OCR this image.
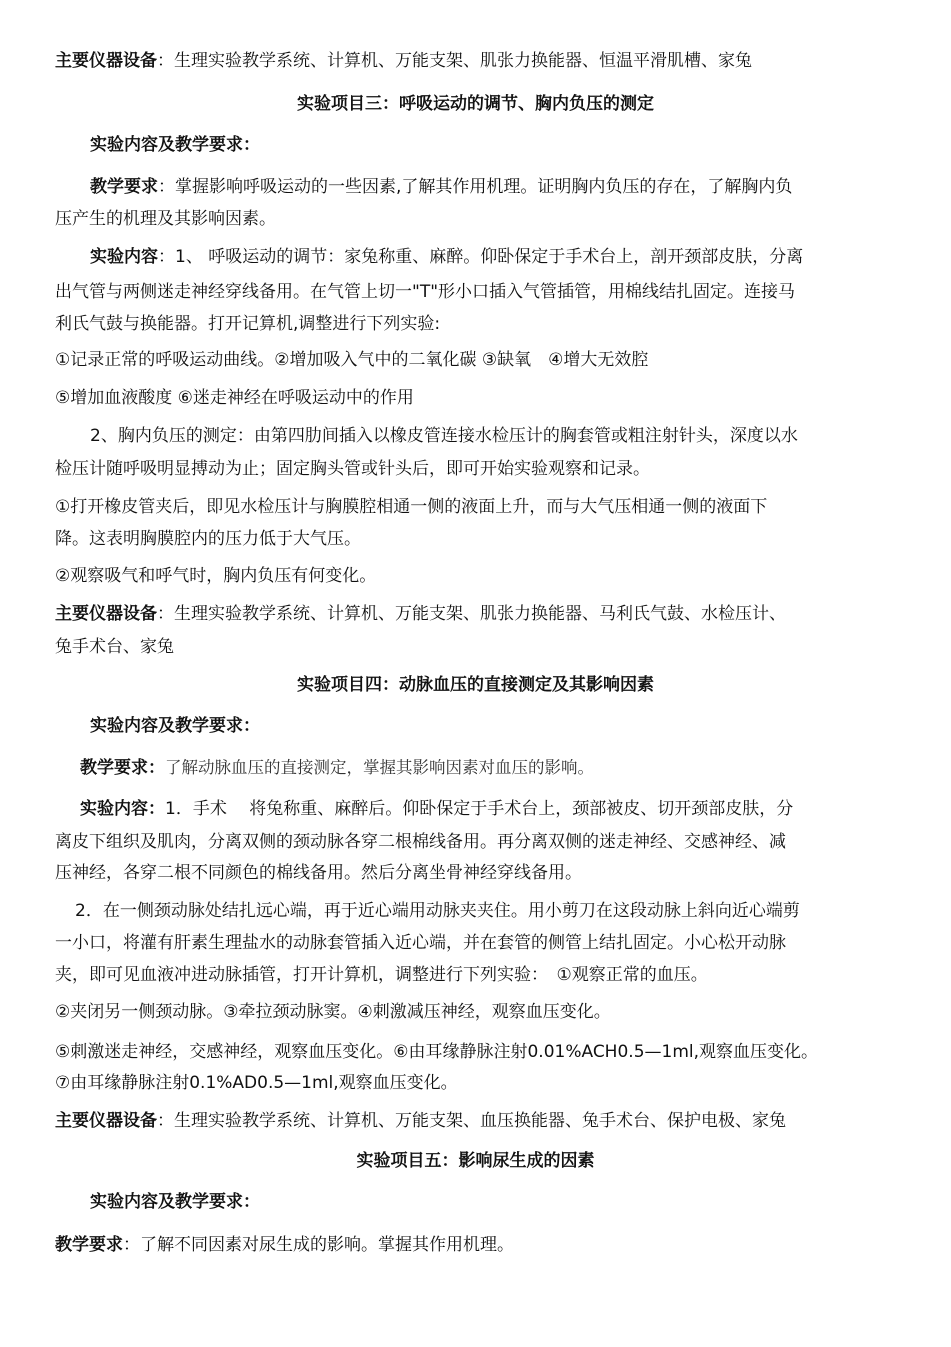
主要仪器设备：生理实验教学系统、计算机、万能支架、肌张力换能器、恒温平滑肌槽、家兔

实验项目三：呼吸运动的调节、胸内负压的测定

实验内容及教学要求：

教学要求：掌握影响呼吸运动的一些因素,了解其作用机理。证明胸内负压的存在，了解胸内负

压产生的机理及其影响因素。

实验内容：1、 呼吸运动的调节：家兔称重、麻醉。仰卧保定于手术台上，剖开颈部皮肤，分离

出气管与两侧迷走神经穿线备用。在气管上切一"T"形小口插入气管插管，用棉线结扎固定。连接马

利氏气鼓与换能器。打开记算机,调整进行下列实验:

①记录正常的呼吸运动曲线。②增加吸入气中的二氧化碳 ③缺氧　④增大无效腔

⑤增加血液酸度 ⑥迷走神经在呼吸运动中的作用

2、胸内负压的测定：由第四肋间插入以橡皮管连接水检压计的胸套管或粗注射针头，深度以水

检压计随呼吸明显搏动为止；固定胸头管或针头后，即可开始实验观察和记录。

①打开橡皮管夹后，即见水检压计与胸膜腔相通一侧的液面上升，而与大气压相通一侧的液面下

降。这表明胸膜腔内的压力低于大气压。

②观察吸气和呼气时，胸内负压有何变化。

主要仪器设备：生理实验教学系统、计算机、万能支架、肌张力换能器、马利氏气鼓、水检压计、

兔手术台、家兔

实验项目四：动脉血压的直接测定及其影响因素

实验内容及教学要求：

教学要求：了解动脉血压的直接测定，掌握其影响因素对血压的影响。

实验内容：1．手术　 将兔称重、麻醉后。仰卧保定于手术台上，颈部被皮、切开颈部皮肤，分

离皮下组织及肌肉，分离双侧的颈动脉各穿二根棉线备用。再分离双侧的迷走神经、交感神经、减

压神经，各穿二根不同颜色的棉线备用。然后分离坐骨神经穿线备用。

2．在一侧颈动脉处结扎远心端，再于近心端用动脉夹夹住。用小剪刀在这段动脉上斜向近心端剪

一小口，将灌有肝素生理盐水的动脉套管插入近心端，并在套管的侧管上结扎固定。小心松开动脉

夹，即可见血液冲进动脉插管，打开计算机，调整进行下列实验：　①观察正常的血压。

②夹闭另一侧颈动脉。③牵拉颈动脉窦。④刺激减压神经，观察血压变化。

⑤刺激迷走神经，交感神经，观察血压变化。⑥由耳缘静脉注射0.01%ACH0.5—1ml,观察血压变化。

⑦由耳缘静脉注射0.1%AD0.5—1ml,观察血压变化。

主要仪器设备：生理实验教学系统、计算机、万能支架、血压换能器、兔手术台、保护电极、家兔

实验项目五：影响尿生成的因素

实验内容及教学要求：

教学要求：了解不同因素对尿生成的影响。掌握其作用机理。
